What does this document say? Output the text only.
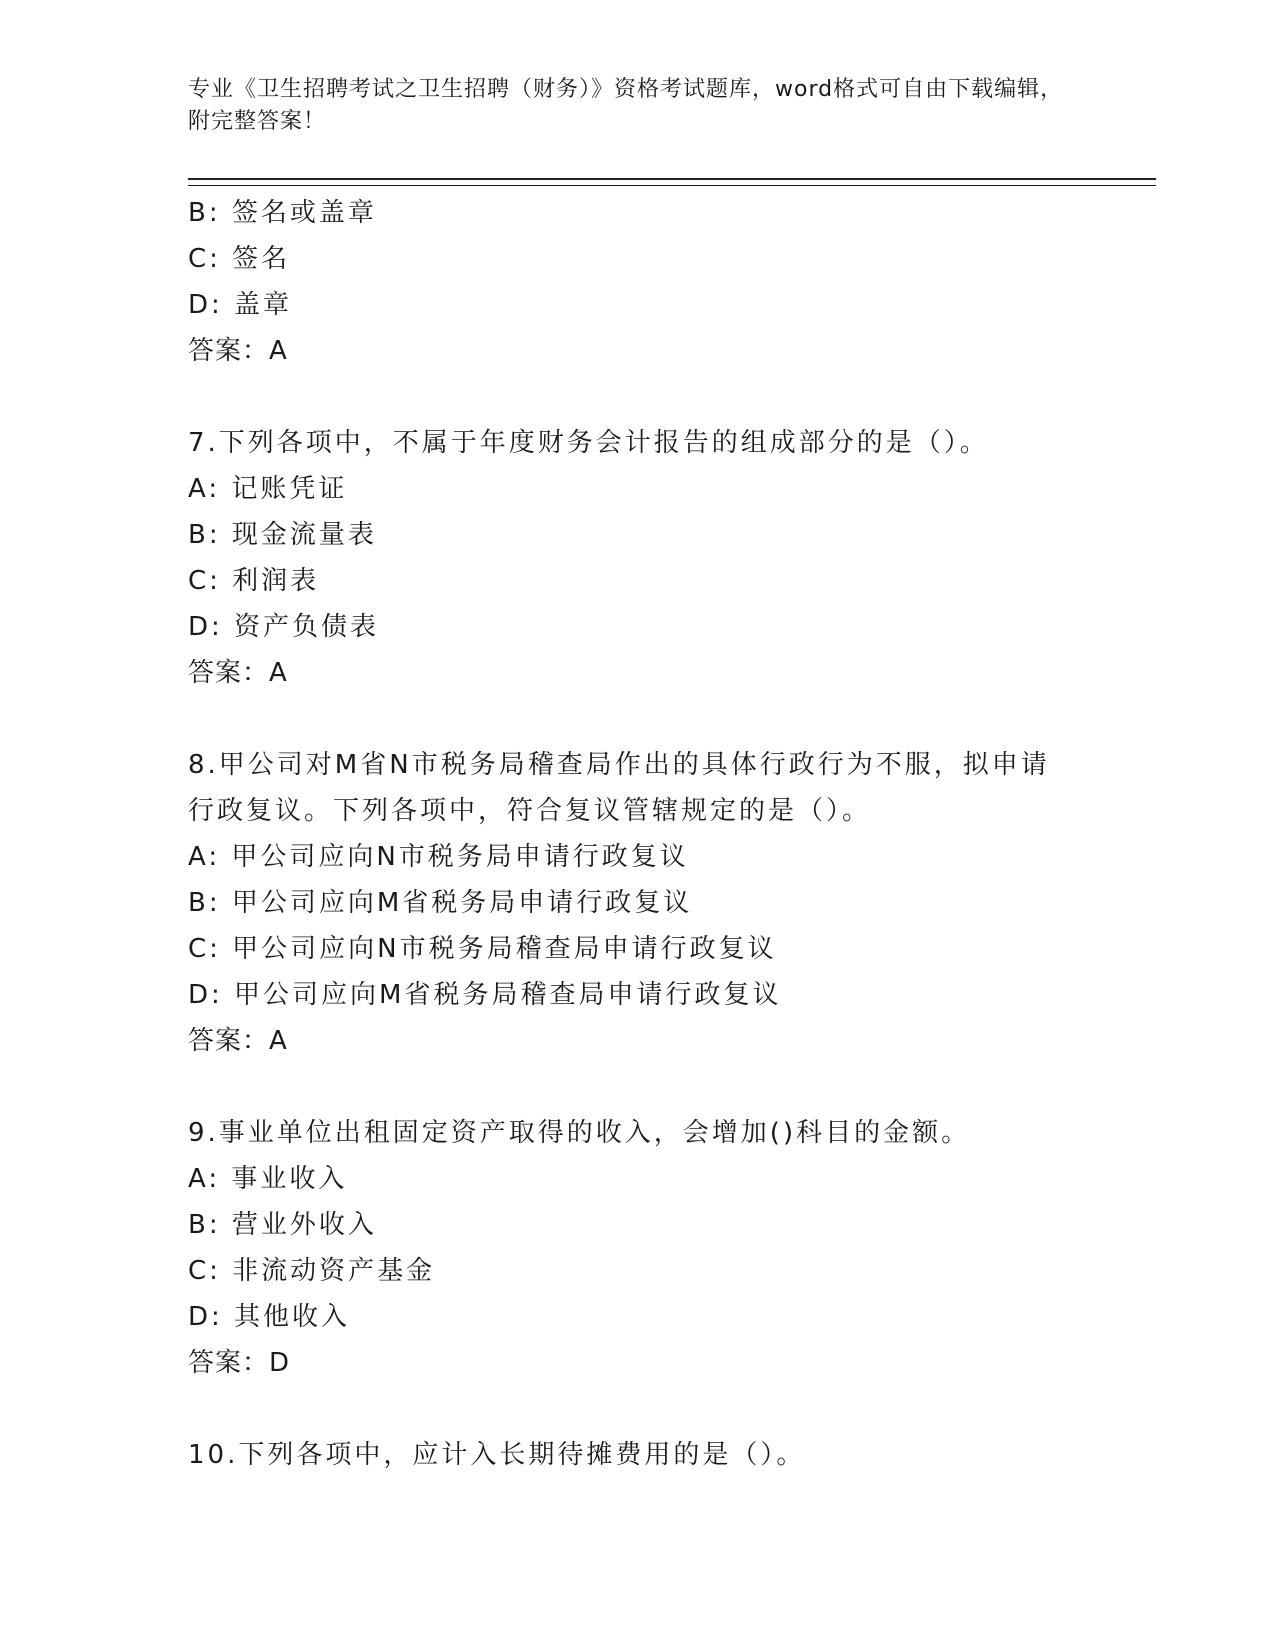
专业《卫生招聘考试之卫生招聘（财务）》资格考试题库，word格式可自由下载编辑，附完整答案！
B: 签名或盖章
C: 签名
D: 盖章
答案：A
7.下列各项中，不属于年度财务会计报告的组成部分的是（）。
A: 记账凭证
B: 现金流量表
C: 利润表
D: 资产负债表
答案：A
8.甲公司对M省N市税务局稽查局作出的具体行政行为不服，拟申请
行政复议。下列各项中，符合复议管辖规定的是（）。
A: 甲公司应向N市税务局申请行政复议
B: 甲公司应向M省税务局申请行政复议
C: 甲公司应向N市税务局稽查局申请行政复议
D: 甲公司应向M省税务局稽查局申请行政复议
答案：A
9.事业单位出租固定资产取得的收入，会增加()科目的金额。
A: 事业收入
B: 营业外收入
C: 非流动资产基金
D: 其他收入
答案：D
10.下列各项中，应计入长期待摊费用的是（）。
